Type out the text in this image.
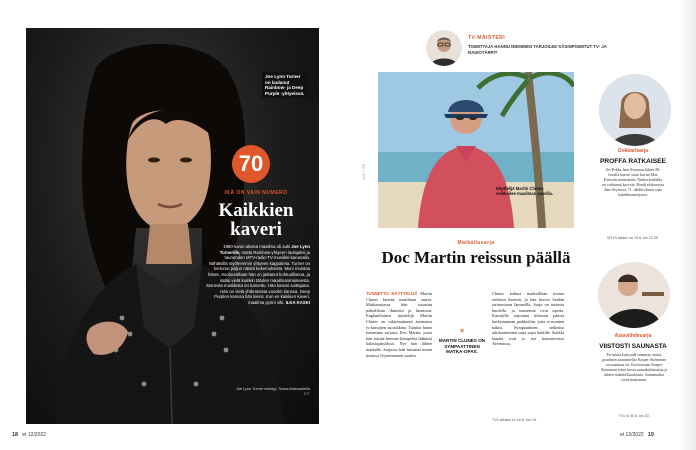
Joe Lynn Turner on laulanut Rainbow- ja Deep Purple -yhtyeissä.
70
IKÄ ON VAIN NUMERO
Kaikkien kaveri
1980-luvun alussa maailma oli auki Joe Lynn Turnerille, mutta Rainbow-yhtyeen laulajaksi ja taunenden MTV-radio-TV-musiikki-kanavalla. Nähtävillä myöhemmin yhtyeen kappaleita. Turner on kertonut paljon näistä kokemuksista. Moni muistaa hänet. Soolourallaan hän on jatkanut kohtuullisena, ja sattui vielä kuinkin tähden maailmanmaineesta. Monesta musiikista on tunnettu. Hän kasvoi soittajana. Hän on vielä yhdentoista vuoden kanssa. Deep Purplen kanssa hän kiersi. Kun en kaikkien kaveri, maailma pyörii silti. ILKA KASKI
Joe Lynn Turner esiintyy Tuska-festivaaleilla 2.7.
18 et 12/2022
TV-MAISTERI
TOIMITTAJA HANNU NIEMINEN TARJOILEE KÄSINPOIMITUT TV- JA RADIOTÄRPIT
Näyttelijä Martin Clunes seikkailee maailman saarilla.
YLE / ITV
Matkailusarja
Doc Martin reissun päällä
TUNNETTU NÄYTTELIJÄ Martin Clunes kiertää maailman saaria. Matkasarjassa hän tutustuu paikallisiin ihmisiin ja luontoon. Englantilainen näyttelijä Martin Clunes on vakiinnuttanut asemansa tv-katsojien suosikkina. Tutuksi hänet tunnetaan sarjasta Doc Martin, jossa hän esittää hieman kömpelöä lääkäriä kalastajakylässä. Nyt hän lähtee matkalle. Sarjassa hän tutustuu muun muassa Tyynenmeren saariin.
×
MARTIN CLUNES ON SYMPAATTINEN MATKA-OPAS.
Clunes kohtaa matkoillaan monia erilaisia ihmisiä, ja hän kertoo heidän tarinoistaan lämmöllä. Sarja on tuotettu huolella, ja maisemat ovat upeita. Katsojille tarjoutuu tilaisuus päästä kurkistamaan paikkoihin, joita ei muuten näkisi. Sympaattinen, selkeästi arkiluonteinen sarja sopii kaikille. Kaikki kaudet ovat jo nyt katsottavissa Areenassa.
TV1 alkaen to 16.6. klo 19.
Dokkarisarja
PROFFA RATKAISEE
Ari-Pekka Jane Seymour lähtee 80-luvulla kasvoi suuri kuvan Max Factorin mainoksiin. Niiden kohdalla on vaihtunut kasvoja. Bondi elokuvassa Jane Seymour, 71, tähditti kuusi osaa kahdeksansarjassa.
MTV3 alkaen su 19.6. klo 22.35.
Asiaviihdesarja
VIISTOSTI SAUNASTA
En miniä kuin pidä saunasta, mutta graafinen suunnittelija Kasper Strömman on saunassa eri. Kuvioissaan Kasper Strömman tekee kuvia saunakulttuurista ja niiden mahdollisuuksista. Saunamatka vievä mukanaan.
TV1 to 30.6. klo 20.
et 12/2022 19
